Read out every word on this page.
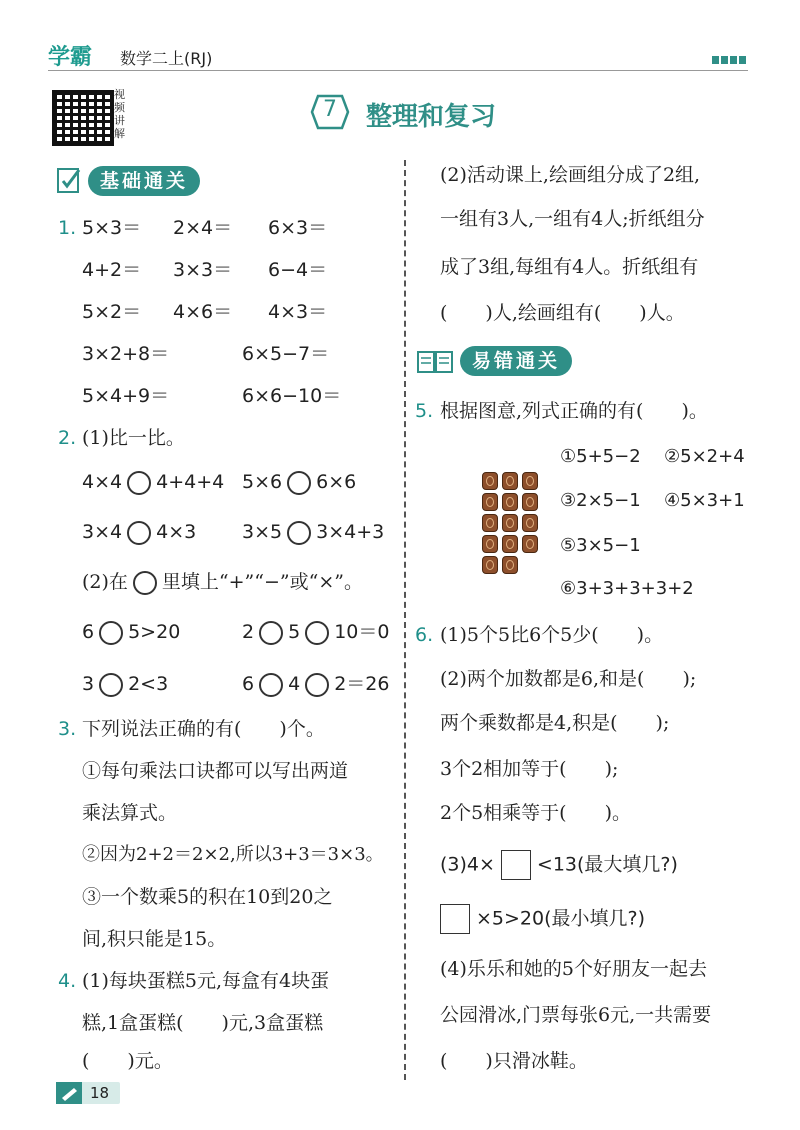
学霸 数学二上(RJ)
视频讲解
7	整理和复习
基础通关
1. 5×3＝ 2×4＝ 6×3＝
4+2＝ 3×3＝ 6−4＝
5×2＝ 4×6＝ 4×3＝
3×2+8＝	6×5−7＝
5×4+9＝	6×6−10＝
2. (1)比一比。
4×4 4+4+4 5×6 6×6
3×4 4×3 3×5 3×4+3
(2)在 里填上“+”“−”或“×”。
6 5>20	2 5 10＝0
3 2<3	6 4 2＝26
3. 下列说法正确的有(　　)个。
①每句乘法口诀都可以写出两道
乘法算式。
②因为2+2＝2×2,所以3+3＝3×3。
③一个数乘5的积在10到20之
间,积只能是15。
4. (1)每块蛋糕5元,每盒有4块蛋
糕,1盒蛋糕(　　)元,3盒蛋糕
(　　)元。
(2)活动课上,绘画组分成了2组,
一组有3人,一组有4人;折纸组分
成了3组,每组有4人。折纸组有
(　　)人,绘画组有(　　)人。
易错通关
5. 根据图意,列式正确的有(　　)。
①5+5−2 ②5×2+4
③2×5−1 ④5×3+1
⑤3×5−1
⑥3+3+3+3+2
6. (1)5个5比6个5少(　　)。
(2)两个加数都是6,和是(　　);
两个乘数都是4,积是(　　);
3个2相加等于(　　);
2个5相乘等于(　　)。
(3)4× <13(最大填几?)
×5>20(最小填几?)
(4)乐乐和她的5个好朋友一起去
公园滑冰,门票每张6元,一共需要
(　　)只滑冰鞋。
18
